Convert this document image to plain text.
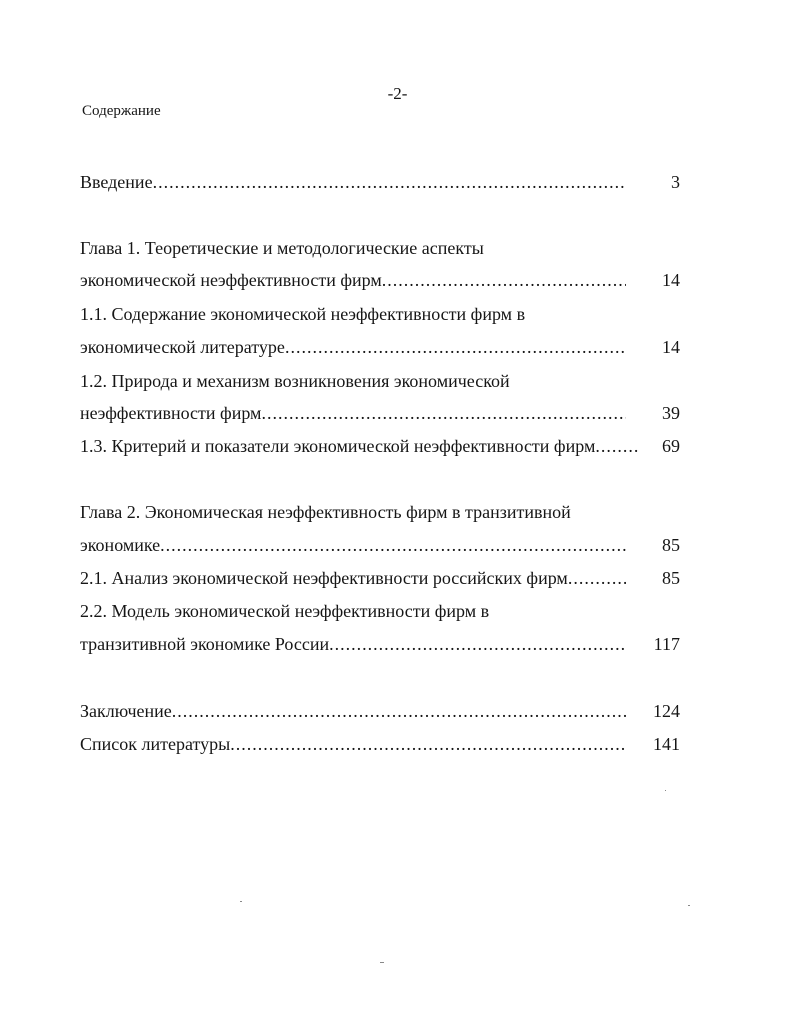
-2-
Содержание
Введение .....	3
Глава 1. Теоретические и методологические аспекты
экономической неэффективности фирм .....	14
1.1. Содержание экономической неэффективности фирм в
экономической литературе .....	14
1.2. Природа и механизм возникновения экономической
неэффективности фирм .....	39
1.3. Критерий и показатели экономической неэффективности фирм .....	69
Глава 2. Экономическая неэффективность фирм в транзитивной
экономике .....	85
2.1. Анализ экономической неэффективности российских фирм .....	85
2.2. Модель экономической неэффективности фирм в
транзитивной экономике России .....	117
Заключение .....	124
Список литературы .....	141
